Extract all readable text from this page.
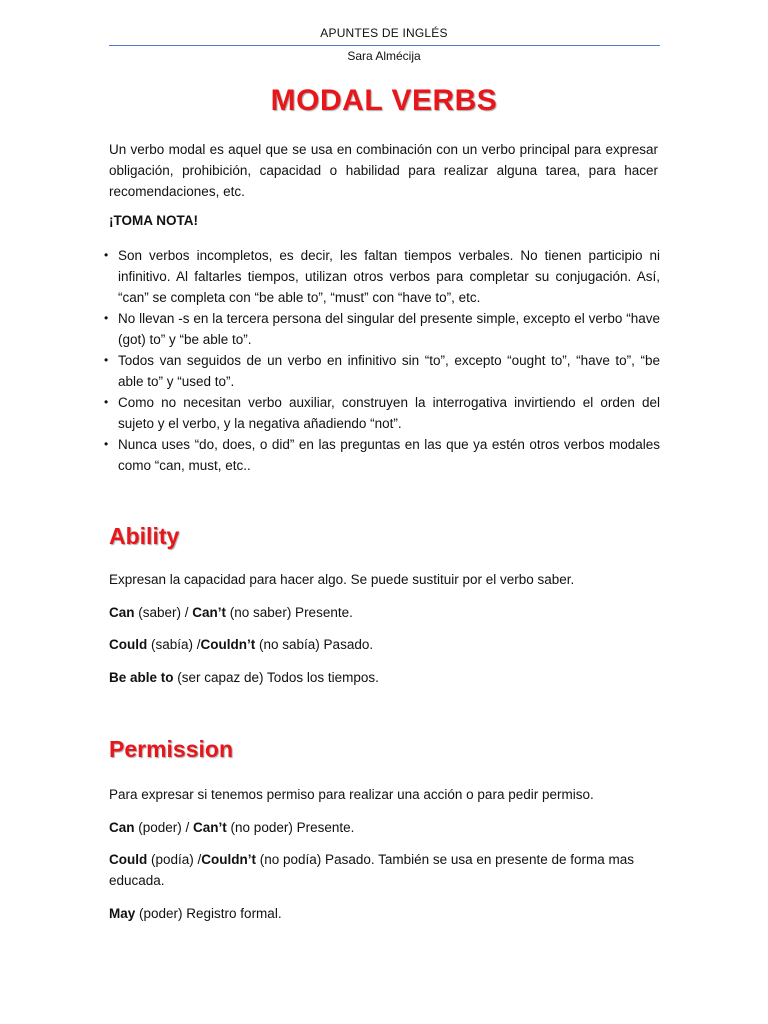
APUNTES DE INGLÉS
Sara Almécija
MODAL VERBS
Un verbo modal es aquel que se usa en combinación con un verbo principal para expresar obligación, prohibición, capacidad o habilidad para realizar alguna tarea, para hacer recomendaciones, etc.
¡TOMA NOTA!
• Son verbos incompletos, es decir, les faltan tiempos verbales. No tienen participio ni infinitivo. Al faltarles tiempos, utilizan otros verbos para completar su conjugación. Así, “can” se completa con “be able to”, “must” con “have to”, etc.
• No llevan -s en la tercera persona del singular del presente simple, excepto el verbo “have (got) to” y “be able to”.
• Todos van seguidos de un verbo en infinitivo sin “to”, excepto “ought to”, “have to”, “be able to” y “used to”.
• Como no necesitan verbo auxiliar, construyen la interrogativa invirtiendo el orden del sujeto y el verbo, y la negativa añadiendo “not”.
• Nunca uses “do, does, o did” en las preguntas en las que ya estén otros verbos modales como “can, must, etc..
Ability
Expresan la capacidad para hacer algo. Se puede sustituir por el verbo saber.
Can (saber) / Can’t (no saber) Presente.
Could (sabía) /Couldn’t (no sabía) Pasado.
Be able to (ser capaz de) Todos los tiempos.
Permission
Para expresar si tenemos permiso para realizar una acción o para pedir permiso.
Can (poder) / Can’t (no poder) Presente.
Could (podía) /Couldn’t (no podía) Pasado. También se usa en presente de forma mas educada.
May (poder) Registro formal.
